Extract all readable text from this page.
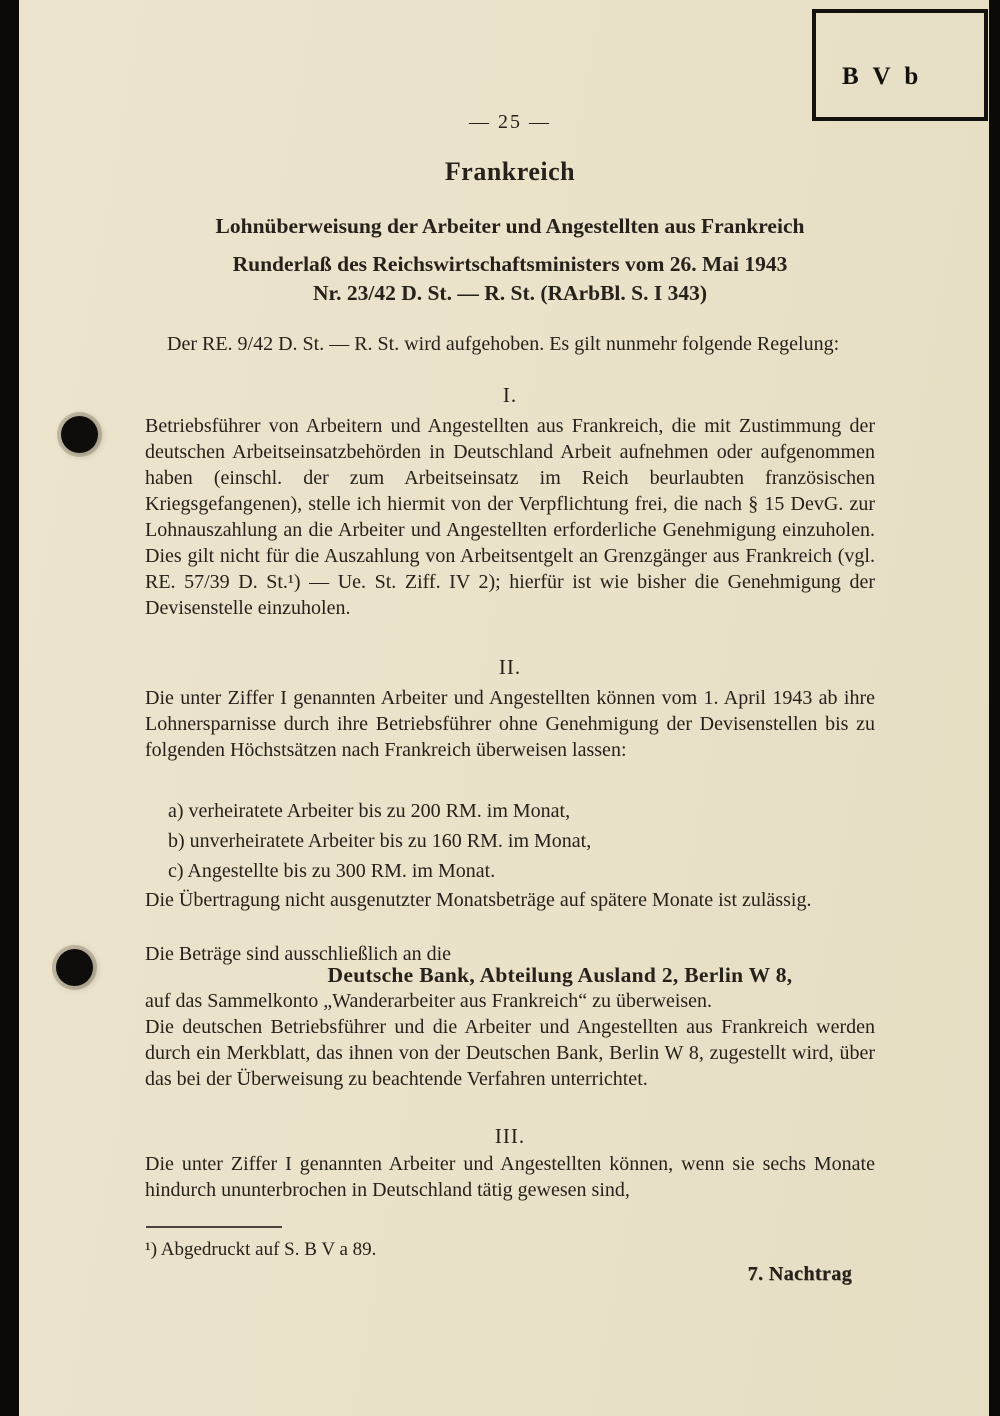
B V b
— 25 —
Frankreich
Lohnüberweisung der Arbeiter und Angestellten aus Frankreich
Runderlaß des Reichswirtschaftsministers vom 26. Mai 1943
Nr. 23/42 D. St. — R. St. (RArbBl. S. I 343)

Der RE. 9/42 D. St. — R. St. wird aufgehoben. Es gilt nunmehr folgende Regelung:

I.

Betriebsführer von Arbeitern und Angestellten aus Frankreich, die mit Zustimmung der deutschen Arbeitseinsatzbehörden in Deutschland Arbeit aufnehmen oder aufgenommen haben (einschl. der zum Arbeitseinsatz im Reich beurlaubten französischen Kriegsgefangenen), stelle ich hiermit von der Verpflichtung frei, die nach § 15 DevG. zur Lohnauszahlung an die Arbeiter und Angestellten erforderliche Genehmigung einzuholen. Dies gilt nicht für die Auszahlung von Arbeitsentgelt an Grenzgänger aus Frankreich (vgl. RE. 57/39 D. St.¹) — Ue. St. Ziff. IV 2); hierfür ist wie bisher die Genehmigung der Devisenstelle einzuholen.

II.

Die unter Ziffer I genannten Arbeiter und Angestellten können vom 1. April 1943 ab ihre Lohnersparnisse durch ihre Betriebsführer ohne Genehmigung der Devisenstellen bis zu folgenden Höchstsätzen nach Frankreich überweisen lassen:

a) verheiratete Arbeiter bis zu 200 RM. im Monat,
b) unverheiratete Arbeiter bis zu 160 RM. im Monat,
c) Angestellte bis zu 300 RM. im Monat.

Die Übertragung nicht ausgenutzter Monatsbeträge auf spätere Monate ist zulässig.

Die Beträge sind ausschließlich an die

Deutsche Bank, Abteilung Ausland 2, Berlin W 8,

auf das Sammelkonto „Wanderarbeiter aus Frankreich“ zu überweisen.

Die deutschen Betriebsführer und die Arbeiter und Angestellten aus Frankreich werden durch ein Merkblatt, das ihnen von der Deutschen Bank, Berlin W 8, zugestellt wird, über das bei der Überweisung zu beachtende Verfahren unterrichtet.

III.

Die unter Ziffer I genannten Arbeiter und Angestellten können, wenn sie sechs Monate hindurch ununterbrochen in Deutschland tätig gewesen sind,

¹) Abgedruckt auf S. B V a 89.
7. Nachtrag
